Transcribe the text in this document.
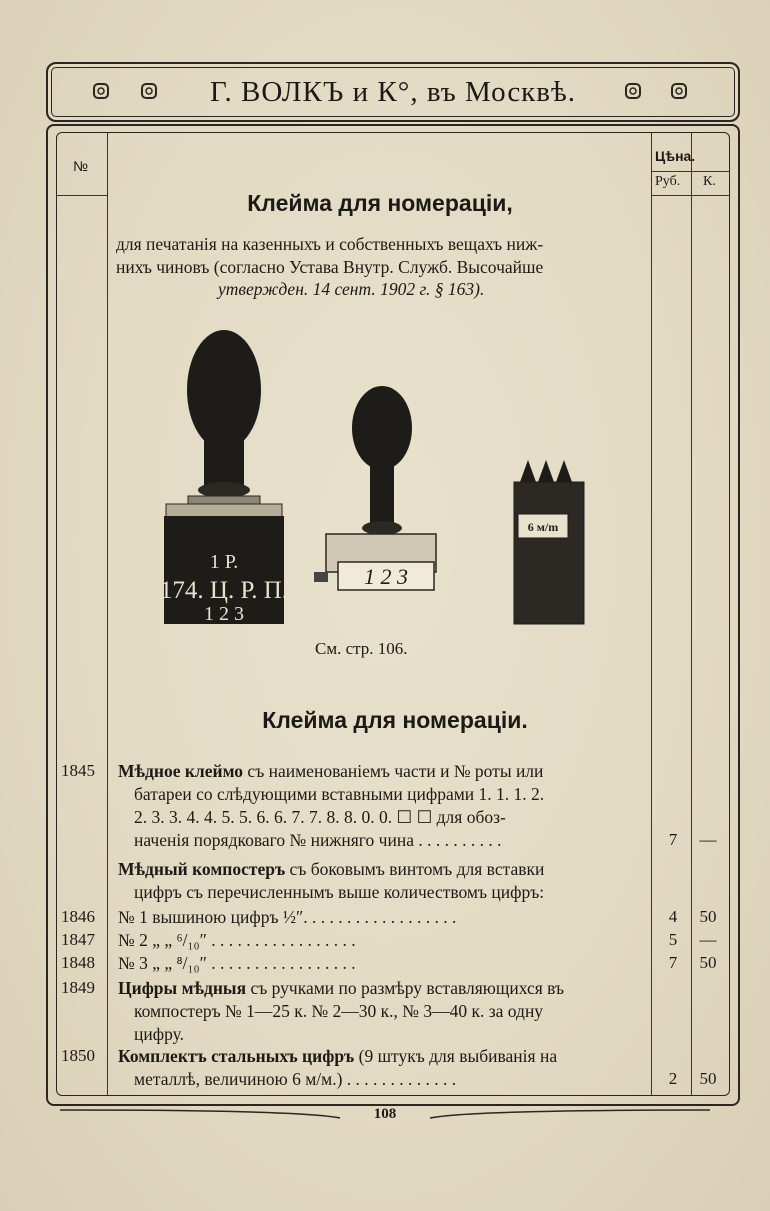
Г. ВОЛКЪ и К°, въ Москвѣ.
№
Цѣна.
Руб. К.
Клейма для номераціи,
для печатанія на казенныхъ и собственныхъ вещахъ ниж-
нихъ чиновъ (согласно Устава Внутр. Служб. Высочайше
утвержден. 14 сент. 1902 г. § 163).
1 Р.
174. Ц. Р. П.
1 2 3
1 2 3
6 м/m
См. стр. 106.
Клейма для номераціи.
1845 Мѣдное клеймо съ наименованіемъ части и № роты или
батареи со слѣдующими вставными цифрами 1. 1. 1. 2.
2. 3. 3. 4. 4. 5. 5. 6. 6. 7. 7. 8. 8. 0. 0. ☐ ☐ для обоз-
наченія порядковаго № нижняго чина . . . . . . . . . .	7 —
Мѣдный компостеръ съ боковымъ винтомъ для вставки
цифръ съ перечисленнымъ выше количествомъ цифръ:
1846 № 1 вышиною цифръ ½″. . . . . . . . . . . . . . . . . .	4 50
1847 № 2 „ „ ⁶/₁₀″ . . . . . . . . . . . . . . . . .	5 —
1848 № 3 „ „ ⁸/₁₀″ . . . . . . . . . . . . . . . . .	7 50
1849 Цифры мѣдныя съ ручками по размѣру вставляющихся въ
компостеръ № 1—25 к. № 2—30 к., № 3—40 к. за одну
цифру.
1850 Комплектъ стальныхъ цифръ (9 штукъ для выбиванія на
металлѣ, величиною 6 м/м.) . . . . . . . . . . . . .	2 50
108
